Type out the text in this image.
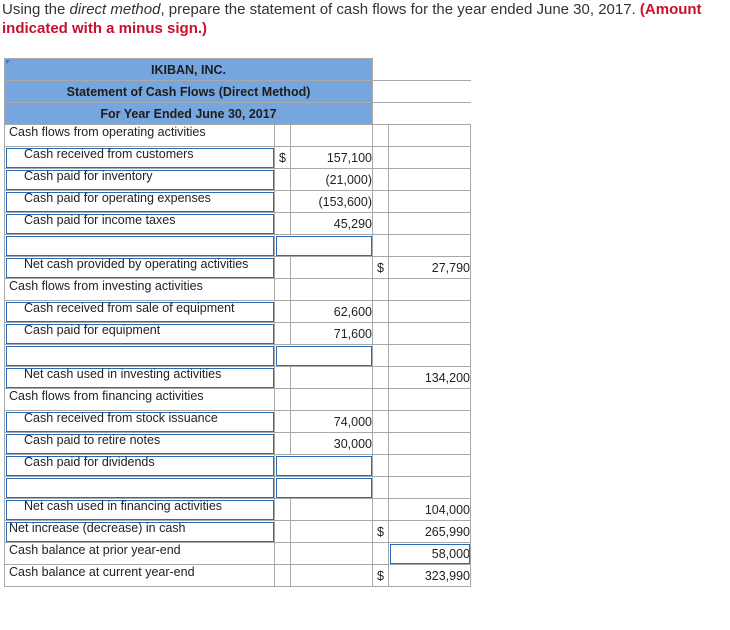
Using the direct method, prepare the statement of cash flows for the year ended June 30, 2017. (Amount
indicated with a minus sign.)
IKIBAN, INC.				
Statement of Cash Flows (Direct Method)				
For Year Ended June 30, 2017				

Cash flows from operating activities				

Cash received from customers	$	157,100		

Cash paid for inventory		(21,000)		

Cash paid for operating expenses		(153,600)		

Cash paid for income taxes		45,290		

Net cash provided by operating activities			$	27,790

Cash flows from investing activities				

Cash received from sale of equipment		62,600		

Cash paid for equipment		71,600		

Net cash used in investing activities				134,200

Cash flows from financing activities				

Cash received from stock issuance		74,000		

Cash paid to retire notes		30,000		

Cash paid for dividends				

Net cash used in financing activities				104,000

Net increase (decrease) in cash			$	265,990

Cash balance at prior year-end				58,000

Cash balance at current year-end			$	323,990
